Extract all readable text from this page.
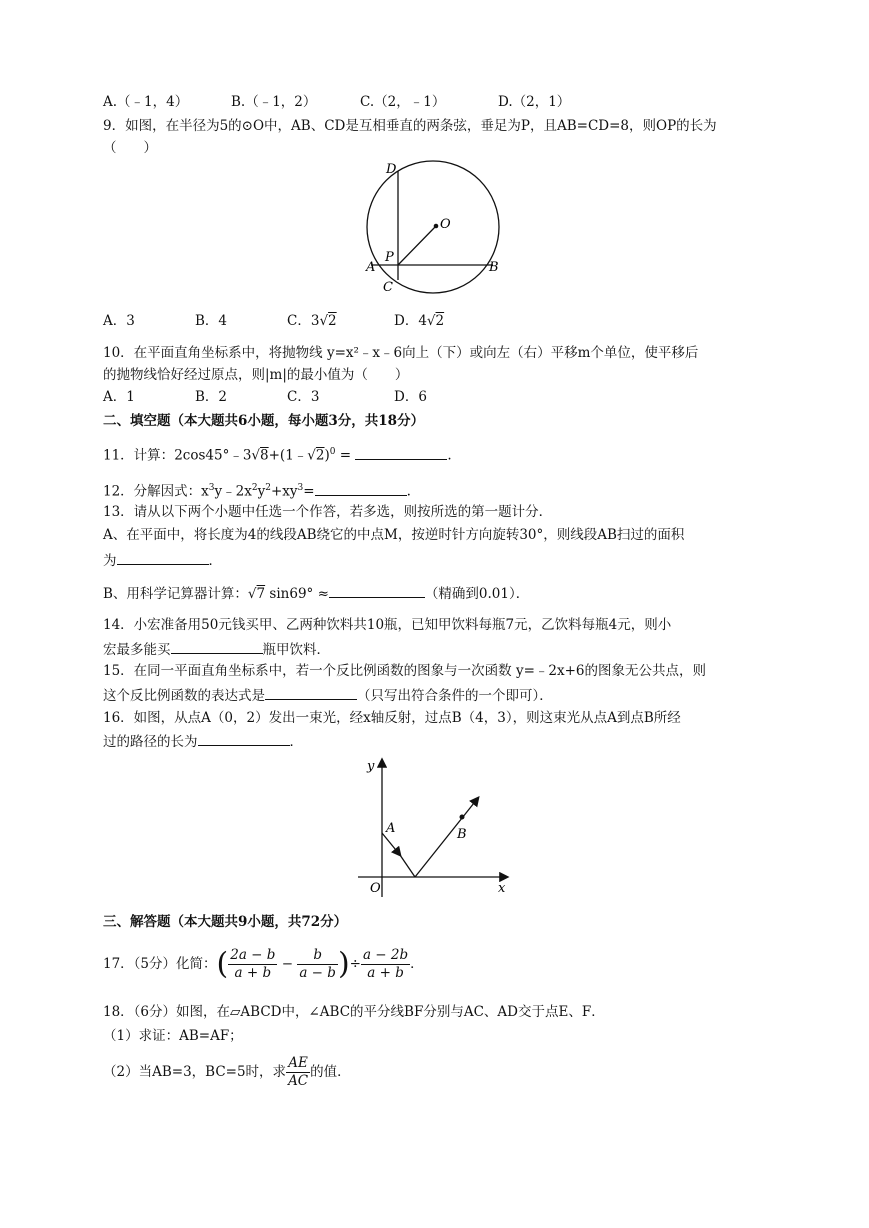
A.（﹣1，4）	B.（﹣1，2）	C.（2，﹣1）	D.（2，1）
9．如图，在半径为5的⊙O中，AB、CD是互相垂直的两条弦，垂足为P，且AB=CD=8，则OP的长为
（　　）
D
O
P
A	B
C
A．3	B．4	C．3√2	D．4√2
10．在平面直角坐标系中，将抛物线 y=x²﹣x﹣6向上（下）或向左（右）平移m个单位，使平移后
的抛物线恰好经过原点，则|m|的最小值为（　　）
A．1	B．2	C．3	D．6
二、填空题（本大题共6小题，每小题3分，共18分）
11．计算：2cos45°﹣3√8+(1﹣√2)$^0$ =	.
12．分解因式：$x^3y﹣2x^2y^2+xy^3=$	.
13．请从以下两个小题中任选一个作答，若多选，则按所选的第一题计分．
A、在平面中，将长度为4的线段AB绕它的中点M，按逆时针方向旋转30°，则线段AB扫过的面积
为	．
B、用科学记算器计算：√7 sin69° ≈	（精确到0.01）．
14．小宏准备用50元钱买甲、乙两种饮料共10瓶，已知甲饮料每瓶7元，乙饮料每瓶4元，则小
宏最多能买	瓶甲饮料．
15．在同一平面直角坐标系中，若一个反比例函数的图象与一次函数 y=﹣2x+6的图象无公共点，则
这个反比例函数的表达式是	（只写出符合条件的一个即可）．
16．如图，从点A（0，2）发出一束光，经x轴反射，过点B（4，3），则这束光从点A到点B所经
过的路径的长为	．
y
x
O
A	B
三、解答题（本大题共9小题，共72分）
17．（5分）化简：( $\frac{2a - b}{a + b} - \frac{b}{a - b}$ )÷ $\frac{a - 2b}{a + b}$ ．
18．（6分）如图，在▱ABCD中，∠ABC的平分线BF分别与AC、AD交于点E、F．
（1）求证：AB=AF；
（2）当AB=3，BC=5时，求 $\frac{AE}{AC}$ 的值．
